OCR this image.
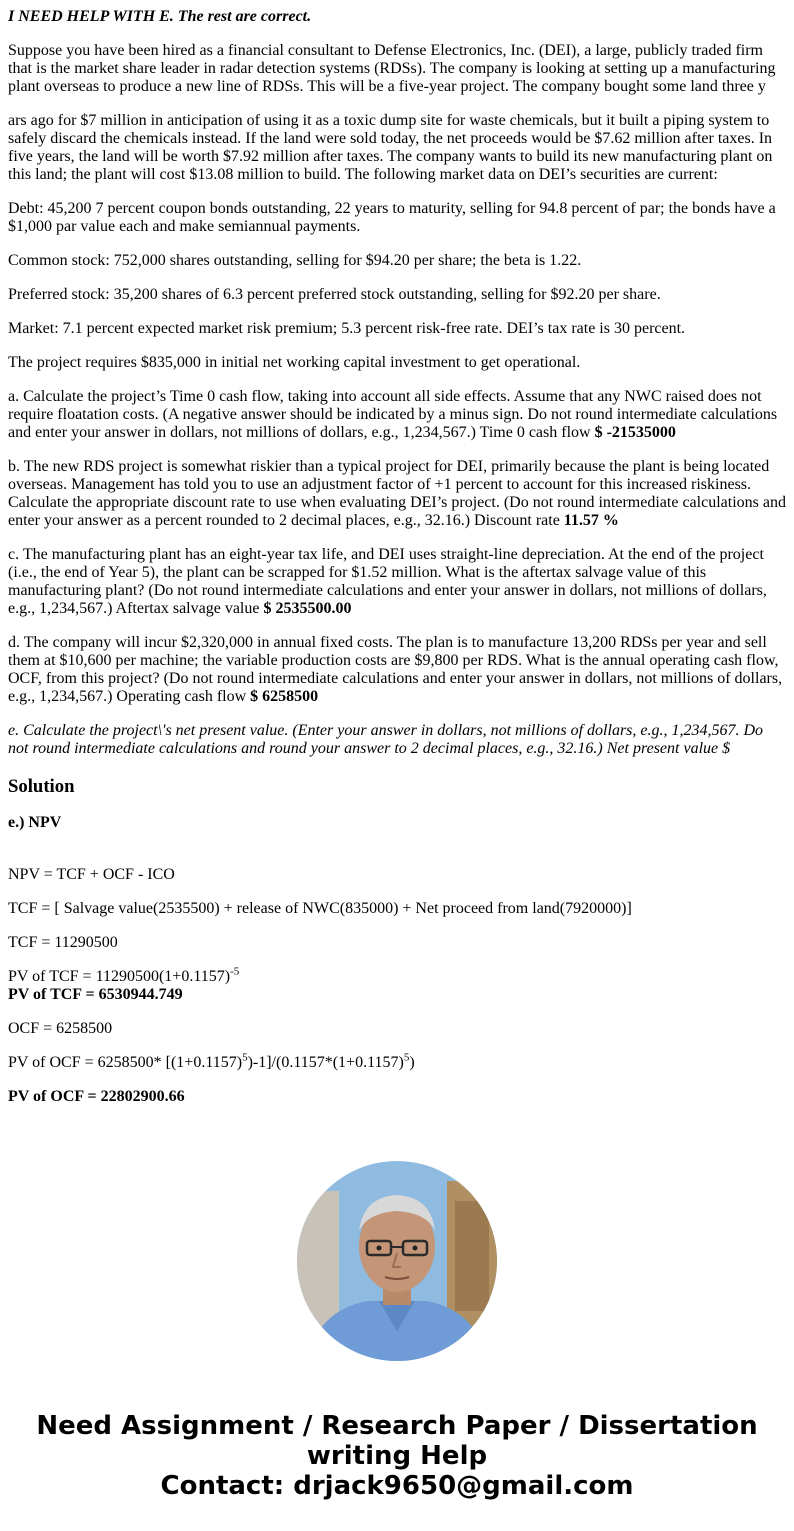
I NEED HELP WITH E. The rest are correct.

Suppose you have been hired as a financial consultant to Defense Electronics, Inc. (DEI), a large, publicly traded firm that is the market share leader in radar detection systems (RDSs). The company is looking at setting up a manufacturing plant overseas to produce a new line of RDSs. This will be a five-year project. The company bought some land three y

ars ago for $7 million in anticipation of using it as a toxic dump site for waste chemicals, but it built a piping system to safely discard the chemicals instead. If the land were sold today, the net proceeds would be $7.62 million after taxes. In five years, the land will be worth $7.92 million after taxes. The company wants to build its new manufacturing plant on this land; the plant will cost $13.08 million to build. The following market data on DEI’s securities are current:

Debt: 45,200 7 percent coupon bonds outstanding, 22 years to maturity, selling for 94.8 percent of par; the bonds have a $1,000 par value each and make semiannual payments.

Common stock: 752,000 shares outstanding, selling for $94.20 per share; the beta is 1.22.

Preferred stock: 35,200 shares of 6.3 percent preferred stock outstanding, selling for $92.20 per share.

Market: 7.1 percent expected market risk premium; 5.3 percent risk-free rate. DEI’s tax rate is 30 percent.

The project requires $835,000 in initial net working capital investment to get operational.

a. Calculate the project’s Time 0 cash flow, taking into account all side effects. Assume that any NWC raised does not require floatation costs. (A negative answer should be indicated by a minus sign. Do not round intermediate calculations and enter your answer in dollars, not millions of dollars, e.g., 1,234,567.) Time 0 cash flow $ -21535000

b. The new RDS project is somewhat riskier than a typical project for DEI, primarily because the plant is being located overseas. Management has told you to use an adjustment factor of +1 percent to account for this increased riskiness. Calculate the appropriate discount rate to use when evaluating DEI’s project. (Do not round intermediate calculations and enter your answer as a percent rounded to 2 decimal places, e.g., 32.16.) Discount rate 11.57 %

c. The manufacturing plant has an eight-year tax life, and DEI uses straight-line depreciation. At the end of the project (i.e., the end of Year 5), the plant can be scrapped for $1.52 million. What is the aftertax salvage value of this manufacturing plant? (Do not round intermediate calculations and enter your answer in dollars, not millions of dollars, e.g., 1,234,567.) Aftertax salvage value $ 2535500.00

d. The company will incur $2,320,000 in annual fixed costs. The plan is to manufacture 13,200 RDSs per year and sell them at $10,600 per machine; the variable production costs are $9,800 per RDS. What is the annual operating cash flow, OCF, from this project? (Do not round intermediate calculations and enter your answer in dollars, not millions of dollars, e.g., 1,234,567.) Operating cash flow $ 6258500

e. Calculate the project\'s net present value. (Enter your answer in dollars, not millions of dollars, e.g., 1,234,567. Do not round intermediate calculations and round your answer to 2 decimal places, e.g., 32.16.) Net present value $

Solution

e.) NPV

NPV = TCF + OCF - ICO

TCF = [ Salvage value(2535500) + release of NWC(835000) + Net proceed from land(7920000)]

TCF = 11290500

PV of TCF = $11290500(1+0.1157)^{-5}$

PV of TCF = 6530944.749

OCF = 6258500

PV of OCF = 6258500* $[(1+0.1157)^5)-1]/(0.1157*(1+0.1157)^5)$

PV of OCF = 22802900.66

Need Assignment / Research Paper / Dissertation
writing Help
Contact: drjack9650@gmail.com
